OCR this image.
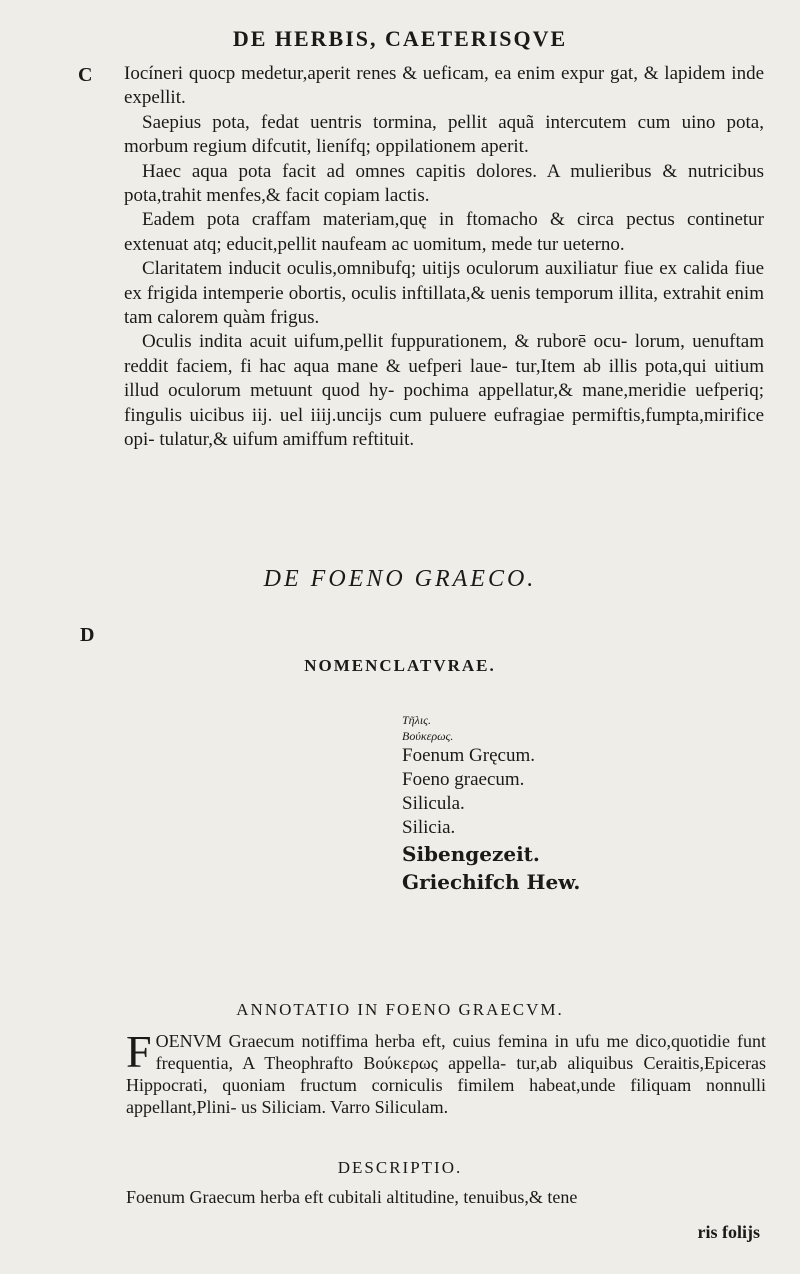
DE HERBIS, CAETERISQVE
C Iocíneri quocp medetur,aperit renes & ueficam, ea enim expur gat, & lapidem inde expellit.

Saepius pota, fedat uentris tormina, pellit aquã intercutem cum uino pota, morbum regium difcutit, lienífq; oppilationem aperit.

Haec aqua pota facit ad omnes capitis dolores. A mulieribus & nutricibus pota,trahit menfes,& facit copiam lactis.

Eadem pota craffam materiam,quę in ftomacho & circa pectus continetur extenuat atq; educit,pellit naufeam ac uomitum, mede tur ueterno.

Claritatem inducit oculis,omnibufq; uitijs oculorum auxiliatur fiue ex calida fiue ex frigida intemperie obortis, oculis inftillata,& uenis temporum illita, extrahit enim tam calorem quàm frigus.

Oculis indita acuit uifum,pellit fuppurationem, & ruborē ocu- lorum, uenuftam reddit faciem, fi hac aqua mane & uefperi laue- tur,Item ab illis pota,qui uitium illud oculorum metuunt quod hy- pochima appellatur,& mane,meridie uefperiq; fingulis uicibus iij. uel iiij.uncijs cum puluere eufragiae permiftis,fumpta,mirifice opi- tulatur,& uifum amiffum reftituit.

DE FOENO GRAECO.
D
NOMENCLATVRAE.
Τῆλις.
Βούκερως.
Foenum Gręcum.
Foeno graecum.
Silicula.
Silicia.
Sibengezeit.
Griechifch Hew.
ANNOTATIO IN FOENO GRAECVM.
F OENVM Graecum notiffima herba eft, cuius femina in ufu me dico,quotidie funt frequentia, A Theophrafto Βούκερως appella- tur,ab aliquibus Ceraitis,Epiceras Hippocrati, quoniam fructum corniculis fimilem habeat,unde filiquam nonnulli appellant,Plini- us Siliciam. Varro Siliculam.
DESCRIPTIO.
Foenum Graecum herba eft cubitali altitudine, tenuibus,& tene
ris folijs
